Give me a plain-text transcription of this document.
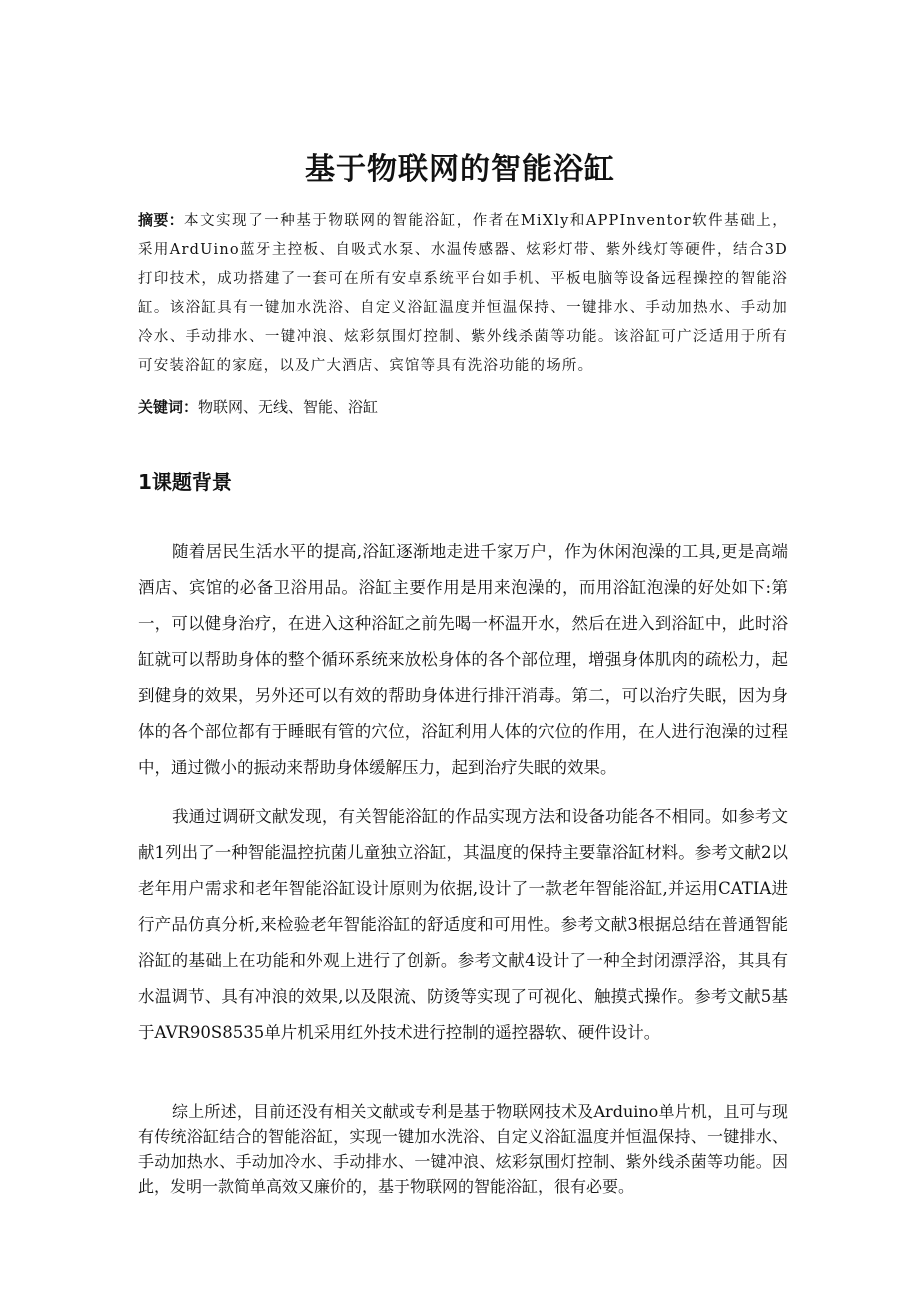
基于物联网的智能浴缸
摘要：本文实现了一种基于物联网的智能浴缸，作者在MiXly和APPInventor软件基础上，采用ArdUino蓝牙主控板、自吸式水泵、水温传感器、炫彩灯带、紫外线灯等硬件，结合3D打印技术，成功搭建了一套可在所有安卓系统平台如手机、平板电脑等设备远程操控的智能浴缸。该浴缸具有一键加水洗浴、自定义浴缸温度并恒温保持、一键排水、手动加热水、手动加冷水、手动排水、一键冲浪、炫彩氛围灯控制、紫外线杀菌等功能。该浴缸可广泛适用于所有可安装浴缸的家庭，以及广大酒店、宾馆等具有洗浴功能的场所。
关键词：物联网、无线、智能、浴缸
1课题背景
随着居民生活水平的提高,浴缸逐渐地走进千家万户，作为休闲泡澡的工具,更是高端酒店、宾馆的必备卫浴用品。浴缸主要作用是用来泡澡的，而用浴缸泡澡的好处如下:第一，可以健身治疗，在进入这种浴缸之前先喝一杯温开水，然后在进入到浴缸中，此时浴缸就可以帮助身体的整个循环系统来放松身体的各个部位理，增强身体肌肉的疏松力，起到健身的效果，另外还可以有效的帮助身体进行排汗消毒。第二，可以治疗失眠，因为身体的各个部位都有于睡眠有管的穴位，浴缸利用人体的穴位的作用，在人进行泡澡的过程中，通过微小的振动来帮助身体缓解压力，起到治疗失眠的效果。
我通过调研文献发现，有关智能浴缸的作品实现方法和设备功能各不相同。如参考文献1列出了一种智能温控抗菌儿童独立浴缸，其温度的保持主要靠浴缸材料。参考文献2以老年用户需求和老年智能浴缸设计原则为依据,设计了一款老年智能浴缸,并运用CATIA进行产品仿真分析,来检验老年智能浴缸的舒适度和可用性。参考文献3根据总结在普通智能浴缸的基础上在功能和外观上进行了创新。参考文献4设计了一种全封闭漂浮浴，其具有水温调节、具有冲浪的效果,以及限流、防烫等实现了可视化、触摸式操作。参考文献5基于AVR90S8535单片机采用红外技术进行控制的遥控器软、硬件设计。
综上所述，目前还没有相关文献或专利是基于物联网技术及Arduino单片机，且可与现有传统浴缸结合的智能浴缸，实现一键加水洗浴、自定义浴缸温度并恒温保持、一键排水、手动加热水、手动加冷水、手动排水、一键冲浪、炫彩氛围灯控制、紫外线杀菌等功能。因此，发明一款简单高效又廉价的，基于物联网的智能浴缸，很有必要。
